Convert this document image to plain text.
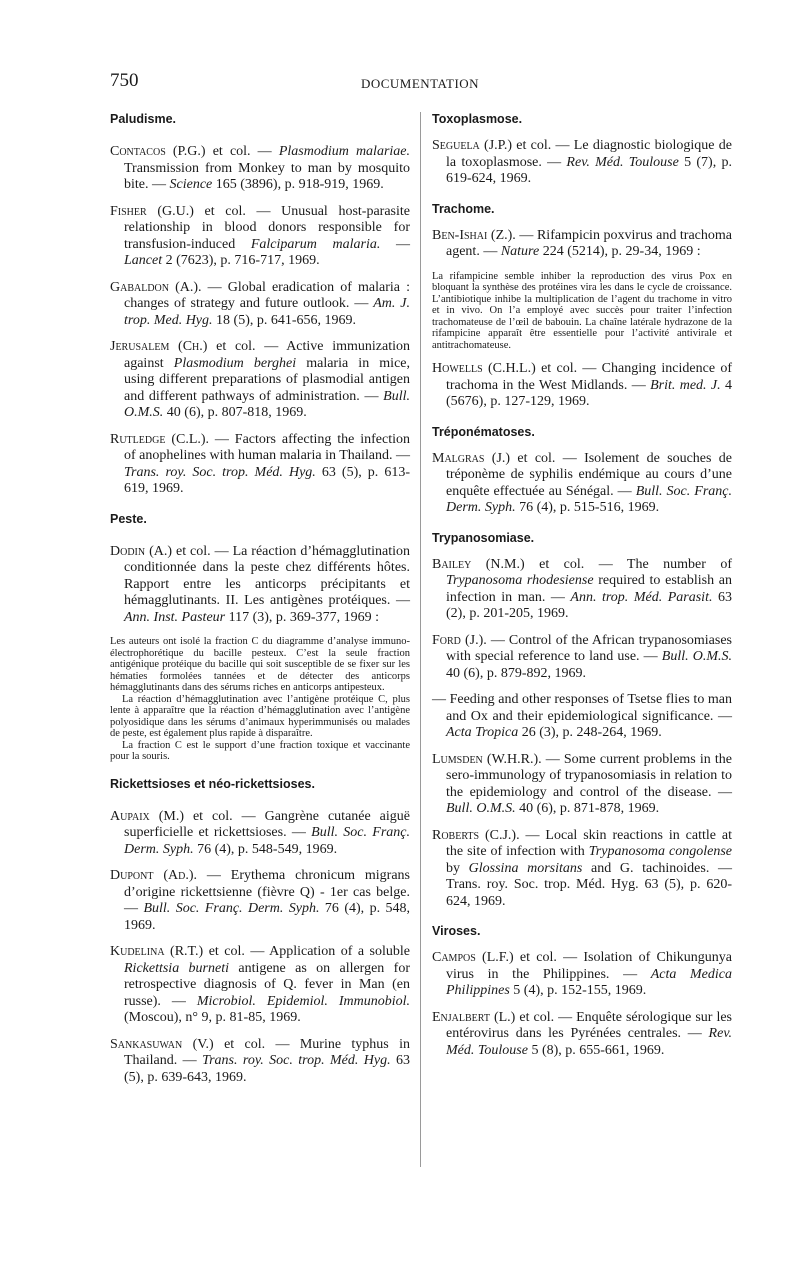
750	DOCUMENTATION
Paludisme.
Contacos (P.G.) et col. — Plasmodium malariae. Transmission from Monkey to man by mosquito bite. — Science 165 (3896), p. 918-919, 1969.
Fisher (G.U.) et col. — Unusual host-parasite relationship in blood donors responsible for transfusion-induced Falciparum malaria. — Lancet 2 (7623), p. 716-717, 1969.
Gabaldon (A.). — Global eradication of malaria : changes of strategy and future outlook. — Am. J. trop. Med. Hyg. 18 (5), p. 641-656, 1969.
Jerusalem (Ch.) et col. — Active immunization against Plasmodium berghei malaria in mice, using different preparations of plasmodial antigen and different pathways of administration. — Bull. O.M.S. 40 (6), p. 807-818, 1969.
Rutledge (C.L.). — Factors affecting the infection of anophelines with human malaria in Thailand. — Trans. roy. Soc. trop. Méd. Hyg. 63 (5), p. 613-619, 1969.
Peste.
Dodin (A.) et col. — La réaction d’hémagglutination conditionnée dans la peste chez différents hôtes. Rapport entre les anticorps précipitants et hémagglutinants. II. Les antigènes protéiques. — Ann. Inst. Pasteur 117 (3), p. 369-377, 1969 :

Les auteurs ont isolé la fraction C du diagramme d’analyse immuno-électrophorétique du bacille pesteux. C’est la seule fraction antigénique protéique du bacille qui soit susceptible de se fixer sur les hématies formolées tannées et de détecter des anticorps hémagglutinants dans des sérums riches en anticorps antipesteux.

La réaction d’hémagglutination avec l’antigène protéique C, plus lente à apparaître que la réaction d’hémagglutination avec l’antigène polyosidique dans les sérums d’animaux hyperimmunisés ou malades de peste, est également plus rapide à disparaître.

La fraction C est le support d’une fraction toxique et vaccinante pour la souris.

Rickettsioses et néo-rickettsioses.
Aupaix (M.) et col. — Gangrène cutanée aiguë superficielle et rickettsioses. — Bull. Soc. Franç. Derm. Syph. 76 (4), p. 548-549, 1969.
Dupont (Ad.). — Erythema chronicum migrans d’origine rickettsienne (fièvre Q) - 1er cas belge. — Bull. Soc. Franç. Derm. Syph. 76 (4), p. 548, 1969.
Kudelina (R.T.) et col. — Application of a soluble Rickettsia burneti antigene as on allergen for retrospective diagnosis of Q. fever in Man (en russe). — Microbiol. Epidemiol. Immunobiol. (Moscou), n° 9, p. 81-85, 1969.
Sankasuwan (V.) et col. — Murine typhus in Thailand. — Trans. roy. Soc. trop. Méd. Hyg. 63 (5), p. 639-643, 1969.
Toxoplasmose.
Seguela (J.P.) et col. — Le diagnostic biologique de la toxoplasmose. — Rev. Méd. Toulouse 5 (7), p. 619-624, 1969.
Trachome.
Ben-Ishai (Z.). — Rifampicin poxvirus and trachoma agent. — Nature 224 (5214), p. 29-34, 1969 :

La rifampicine semble inhiber la reproduction des virus Pox en bloquant la synthèse des protéines vira les dans le cycle de croissance. L’antibiotique inhibe la multiplication de l’agent du trachome in vitro et in vivo. On l’a employé avec succès pour traiter l’infection trachomateuse de l’œil de babouin. La chaîne latérale hydrazone de la rifampicine apparaît être essentielle pour l’activité antivirale et antitrachomateuse.

Howells (C.H.L.) et col. — Changing incidence of trachoma in the West Midlands. — Brit. med. J. 4 (5676), p. 127-129, 1969.
Tréponématoses.
Malgras (J.) et col. — Isolement de souches de tréponème de syphilis endémique au cours d’une enquête effectuée au Sénégal. — Bull. Soc. Franç. Derm. Syph. 76 (4), p. 515-516, 1969.
Trypanosomiase.
Bailey (N.M.) et col. — The number of Trypanosoma rhodesiense required to establish an infection in man. — Ann. trop. Méd. Parasit. 63 (2), p. 201-205, 1969.
Ford (J.). — Control of the African trypanosomiases with special reference to land use. — Bull. O.M.S. 40 (6), p. 879-892, 1969.
— Feeding and other responses of Tsetse flies to man and Ox and their epidemiological significance. — Acta Tropica 26 (3), p. 248-264, 1969.
Lumsden (W.H.R.). — Some current problems in the sero-immunology of trypanosomiasis in relation to the epidemiology and control of the disease. — Bull. O.M.S. 40 (6), p. 871-878, 1969.
Roberts (C.J.). — Local skin reactions in cattle at the site of infection with Trypanosoma congolense by Glossina morsitans and G. tachinoides. — Trans. roy. Soc. trop. Méd. Hyg. 63 (5), p. 620-624, 1969.
Viroses.
Campos (L.F.) et col. — Isolation of Chikungunya virus in the Philippines. — Acta Medica Philippines 5 (4), p. 152-155, 1969.
Enjalbert (L.) et col. — Enquête sérologique sur les entérovirus dans les Pyrénées centrales. — Rev. Méd. Toulouse 5 (8), p. 655-661, 1969.
